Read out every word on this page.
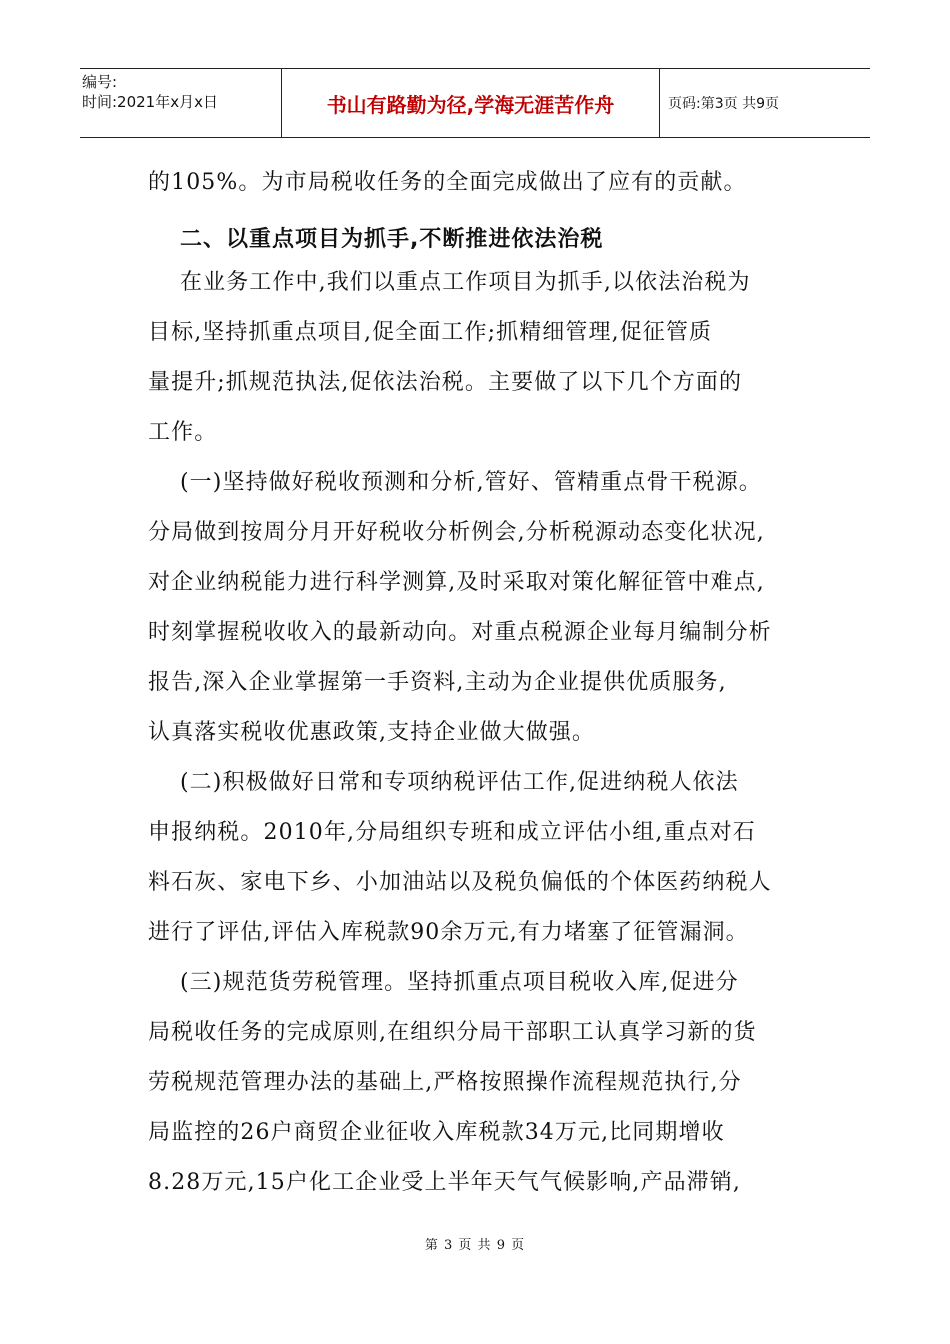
编号:
时间:2021年x月x日	书山有路勤为径,学海无涯苦作舟	页码:第3页 共9页
的105%。为市局税收任务的全面完成做出了应有的贡献。
二、以重点项目为抓手,不断推进依法治税
在业务工作中,我们以重点工作项目为抓手,以依法治税为
目标,坚持抓重点项目,促全面工作;抓精细管理,促征管质
量提升;抓规范执法,促依法治税。主要做了以下几个方面的
工作。
(一)坚持做好税收预测和分析,管好、管精重点骨干税源。
分局做到按周分月开好税收分析例会,分析税源动态变化状况,
对企业纳税能力进行科学测算,及时采取对策化解征管中难点,
时刻掌握税收收入的最新动向。对重点税源企业每月编制分析
报告,深入企业掌握第一手资料,主动为企业提供优质服务,
认真落实税收优惠政策,支持企业做大做强。
(二)积极做好日常和专项纳税评估工作,促进纳税人依法
申报纳税。2010年,分局组织专班和成立评估小组,重点对石
料石灰、家电下乡、小加油站以及税负偏低的个体医药纳税人
进行了评估,评估入库税款90余万元,有力堵塞了征管漏洞。
(三)规范货劳税管理。坚持抓重点项目税收入库,促进分
局税收任务的完成原则,在组织分局干部职工认真学习新的货
劳税规范管理办法的基础上,严格按照操作流程规范执行,分
局监控的26户商贸企业征收入库税款34万元,比同期增收
8.28万元,15户化工企业受上半年天气气候影响,产品滞销,
第 3 页 共 9 页
